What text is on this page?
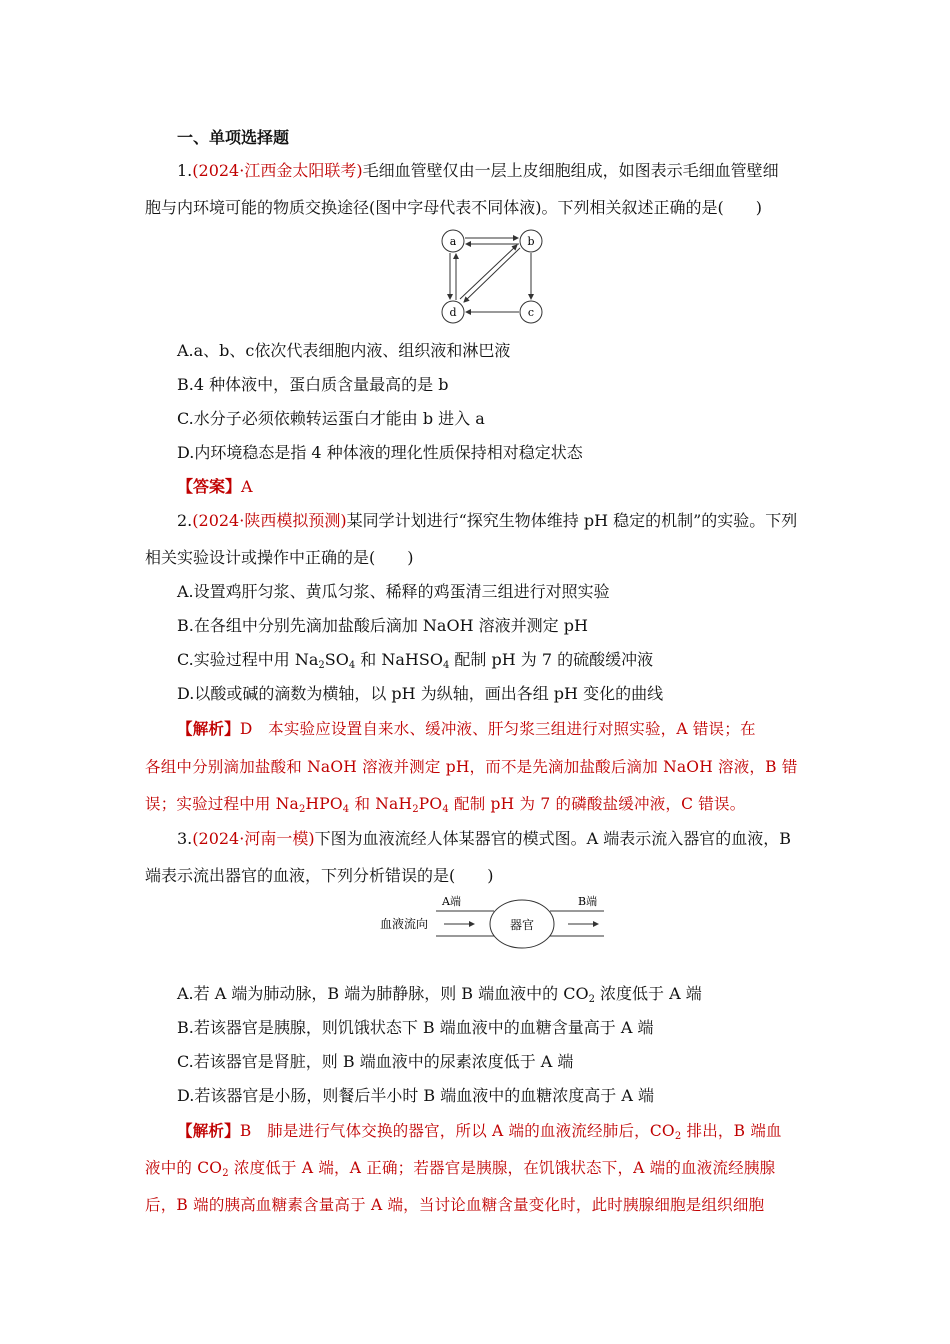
一、单项选择题
1.(2024·江西金太阳联考)毛细血管壁仅由一层上皮细胞组成，如图表示毛细血管壁细
胞与内环境可能的物质交换途径(图中字母代表不同体液)。下列相关叙述正确的是(　　)
a	b
c
d
A.a、b、c依次代表细胞内液、组织液和淋巴液
B.4 种体液中，蛋白质含量最高的是 b
C.水分子必须依赖转运蛋白才能由 b 进入 a
D.内环境稳态是指 4 种体液的理化性质保持相对稳定状态
【答案】A
2.(2024·陕西模拟预测)某同学计划进行“探究生物体维持 pH 稳定的机制”的实验。下列
相关实验设计或操作中正确的是(　　)
A.设置鸡肝匀浆、黄瓜匀浆、稀释的鸡蛋清三组进行对照实验
B.在各组中分别先滴加盐酸后滴加 NaOH 溶液并测定 pH
C.实验过程中用 $Na_2SO_4$ 和 NaHSO$_4$ 配制 pH 为 7 的硫酸缓冲液
D.以酸或碱的滴数为横轴，以 pH 为纵轴，画出各组 pH 变化的曲线
【解析】D　本实验应设置自来水、缓冲液、肝匀浆三组进行对照实验，A 错误；在
各组中分别滴加盐酸和 NaOH 溶液并测定 pH，而不是先滴加盐酸后滴加 NaOH 溶液，B 错
误；实验过程中用 $Na_2HPO_4$ 和 $NaH_2PO_4$ 配制 pH 为 7 的磷酸盐缓冲液，C 错误。
3.(2024·河南一模)下图为血液流经人体某器官的模式图。A 端表示流入器官的血液，B
端表示流出器官的血液，下列分析错误的是(　　)
血液流向
A端	B端
器官
A.若 A 端为肺动脉，B 端为肺静脉，则 B 端血液中的 $CO_2$ 浓度低于 A 端
B.若该器官是胰腺，则饥饿状态下 B 端血液中的血糖含量高于 A 端
C.若该器官是肾脏，则 B 端血液中的尿素浓度低于 A 端
D.若该器官是小肠，则餐后半小时 B 端血液中的血糖浓度高于 A 端
【解析】B　肺是进行气体交换的器官，所以 A 端的血液流经肺后，$CO_2$ 排出，B 端血
液中的 $CO_2$ 浓度低于 A 端，A 正确；若器官是胰腺，在饥饿状态下，A 端的血液流经胰腺
后，B 端的胰高血糖素含量高于 A 端，当讨论血糖含量变化时，此时胰腺细胞是组织细胞
